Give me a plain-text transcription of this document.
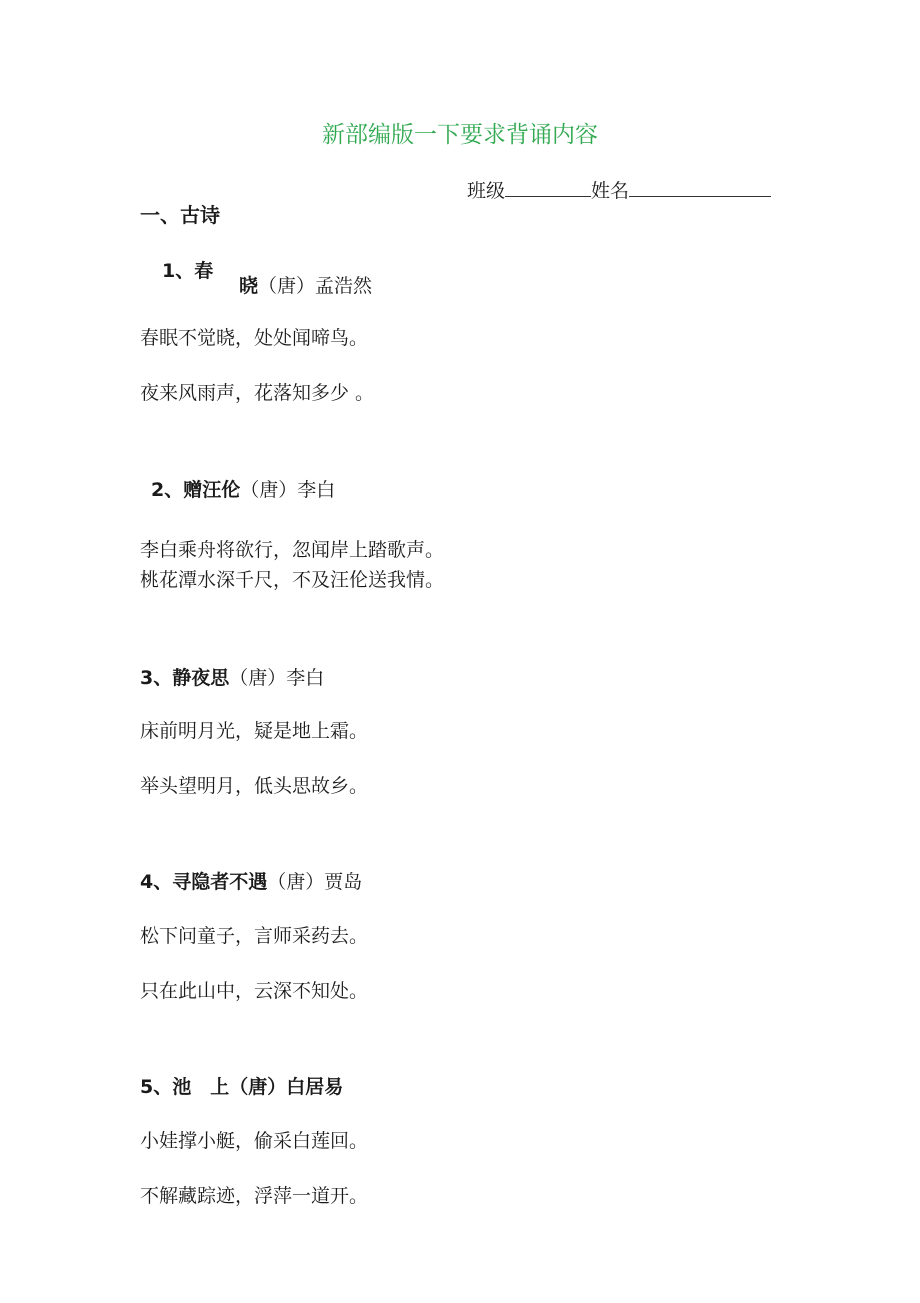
新部编版一下要求背诵内容
班级	姓名
一、古诗
1、春
晓（唐）孟浩然
春眠不觉晓，处处闻啼鸟。
夜来风雨声，花落知多少 。
2、赠汪伦（唐）李白
李白乘舟将欲行，忽闻岸上踏歌声。
桃花潭水深千尺，不及汪伦送我情。
3、静夜思（唐）李白
床前明月光，疑是地上霜。
举头望明月，低头思故乡。
4、寻隐者不遇（唐）贾岛
松下问童子，言师采药去。
只在此山中，云深不知处。
5、池　上（唐）白居易
小娃撑小艇，偷采白莲回。
不解藏踪迹，浮萍一道开。
